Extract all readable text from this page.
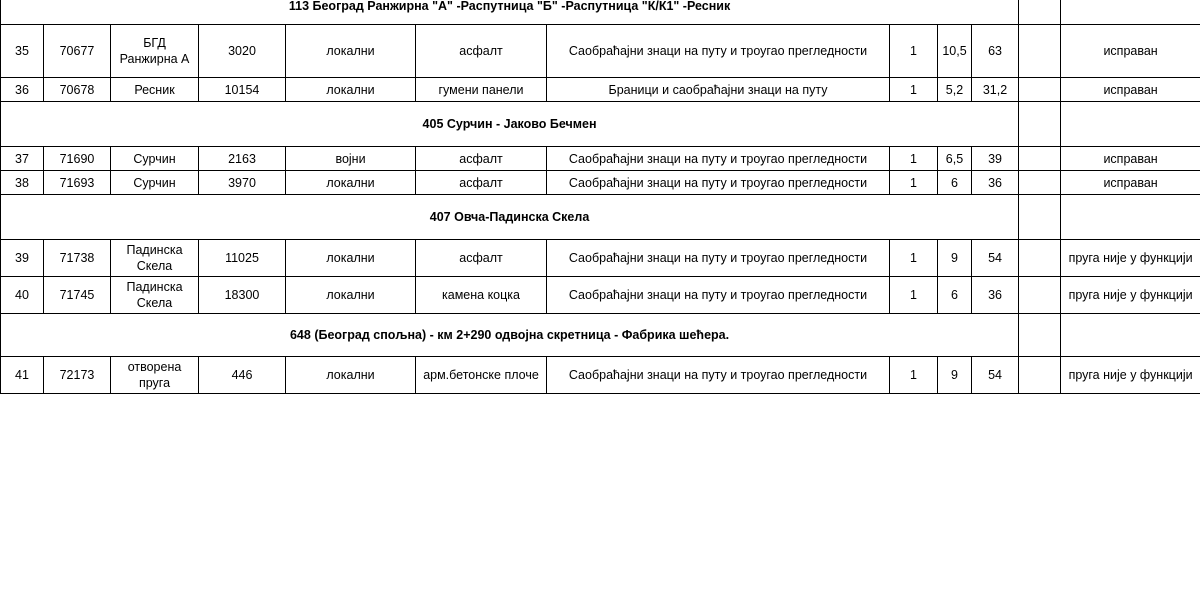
113 Београд Ранжирна "А" -Распутница "Б" -Распутница "К/К1" -Ресник											
35	70677	БГД Ранжирна А	3020	локални	асфалт	Саобраћајни знаци на путу и троугао прегледности	1	10,5	63		исправан
36	70678	Ресник	10154	локални	гумени панели	Браници и саобраћајни знаци на путу	1	5,2	31,2		исправан
405 Сурчин - Јаково Бечмен											
37	71690	Сурчин	2163	војни	асфалт	Саобраћајни знаци на путу и троугао прегледности	1	6,5	39		исправан
38	71693	Сурчин	3970	локални	асфалт	Саобраћајни знаци на путу и троугао прегледности	1	6	36		исправан
407 Овча-Падинска Скела											
39	71738	Падинска Скела	11025	локални	асфалт	Саобраћајни знаци на путу и троугао прегледности	1	9	54		пруга није у функцији
40	71745	Падинска Скела	18300	локални	камена коцка	Саобраћајни знаци на путу и троугао прегледности	1	6	36		пруга није у функцији
648 (Београд спољна) - км 2+290 одвојна скретница - Фабрика шећера.											
41	72173	отворена пруга	446	локални	арм.бетонске плоче	Саобраћајни знаци на путу и троугао прегледности	1	9	54		пруга није у функцији
